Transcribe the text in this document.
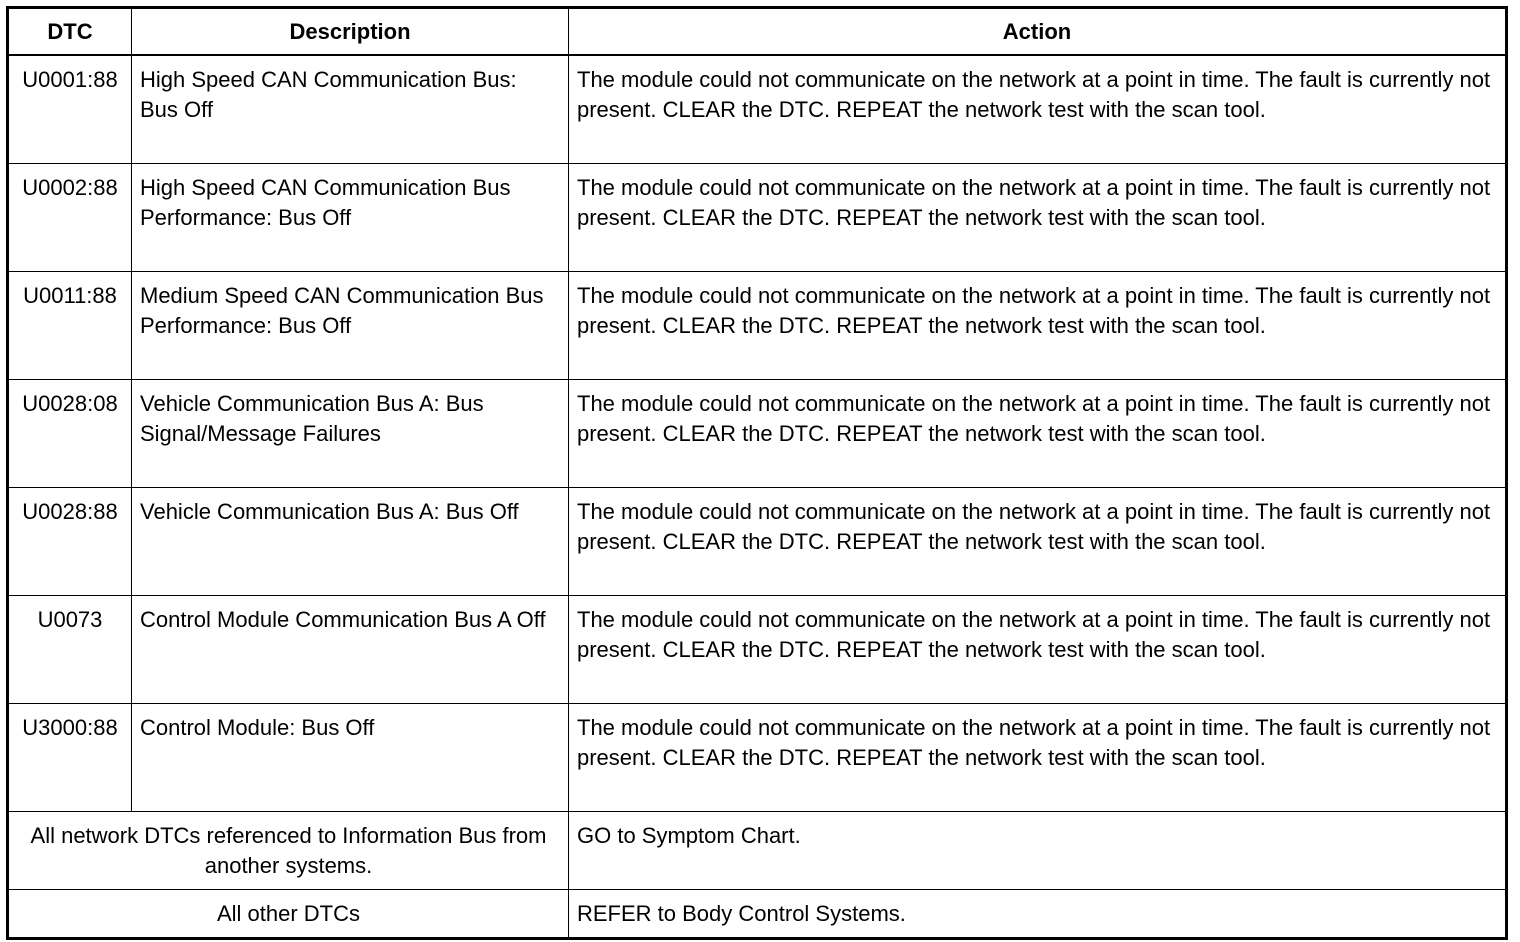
DTC	Description	Action
U0001:88	High Speed CAN Communication Bus: Bus Off	The module could not communicate on the network at a point in time. The fault is currently not present. CLEAR the DTC. REPEAT the network test with the scan tool.
U0002:88	High Speed CAN Communication Bus Performance: Bus Off	The module could not communicate on the network at a point in time. The fault is currently not present. CLEAR the DTC. REPEAT the network test with the scan tool.
U0011:88	Medium Speed CAN Communication Bus Performance: Bus Off	The module could not communicate on the network at a point in time. The fault is currently not present. CLEAR the DTC. REPEAT the network test with the scan tool.
U0028:08	Vehicle Communication Bus A: Bus Signal/Message Failures	The module could not communicate on the network at a point in time. The fault is currently not present. CLEAR the DTC. REPEAT the network test with the scan tool.
U0028:88	Vehicle Communication Bus A: Bus Off	The module could not communicate on the network at a point in time. The fault is currently not present. CLEAR the DTC. REPEAT the network test with the scan tool.
U0073	Control Module Communication Bus A Off	The module could not communicate on the network at a point in time. The fault is currently not present. CLEAR the DTC. REPEAT the network test with the scan tool.
U3000:88	Control Module: Bus Off	The module could not communicate on the network at a point in time. The fault is currently not present. CLEAR the DTC. REPEAT the network test with the scan tool.
All network DTCs referenced to Information Bus from another systems.		GO to Symptom Chart.
All other DTCs		REFER to Body Control Systems.
